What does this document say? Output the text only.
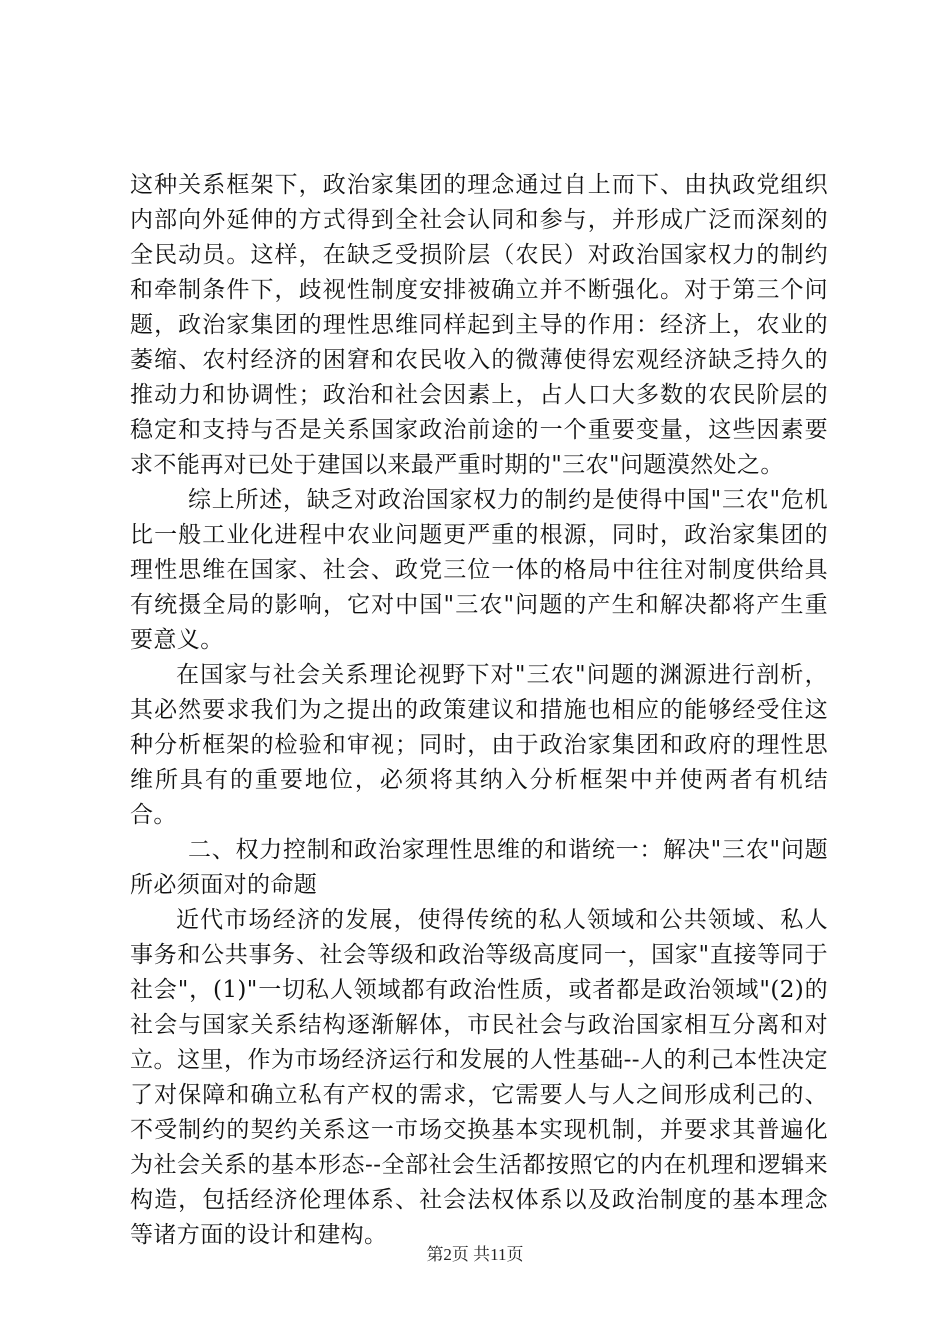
这种关系框架下，政治家集团的理念通过自上而下、由执政党组织内部向外延伸的方式得到全社会认同和参与，并形成广泛而深刻的全民动员。这样，在缺乏受损阶层（农民）对政治国家权力的制约和牵制条件下，歧视性制度安排被确立并不断强化。对于第三个问题，政治家集团的理性思维同样起到主导的作用：经济上，农业的萎缩、农村经济的困窘和农民收入的微薄使得宏观经济缺乏持久的推动力和协调性；政治和社会因素上，占人口大多数的农民阶层的稳定和支持与否是关系国家政治前途的一个重要变量，这些因素要求不能再对已处于建国以来最严重时期的"三农"问题漠然处之。

综上所述，缺乏对政治国家权力的制约是使得中国"三农"危机比一般工业化进程中农业问题更严重的根源，同时，政治家集团的理性思维在国家、社会、政党三位一体的格局中往往对制度供给具有统摄全局的影响，它对中国"三农"问题的产生和解决都将产生重要意义。

在国家与社会关系理论视野下对"三农"问题的渊源进行剖析，其必然要求我们为之提出的政策建议和措施也相应的能够经受住这种分析框架的检验和审视；同时，由于政治家集团和政府的理性思维所具有的重要地位，必须将其纳入分析框架中并使两者有机结合。

二、权力控制和政治家理性思维的和谐统一：解决"三农"问题所必须面对的命题

近代市场经济的发展，使得传统的私人领域和公共领域、私人事务和公共事务、社会等级和政治等级高度同一，国家"直接等同于社会"，(1)"一切私人领域都有政治性质，或者都是政治领域"(2)的社会与国家关系结构逐渐解体，市民社会与政治国家相互分离和对立。这里，作为市场经济运行和发展的人性基础--人的利己本性决定了对保障和确立私有产权的需求，它需要人与人之间形成利己的、不受制约的契约关系这一市场交换基本实现机制，并要求其普遍化为社会关系的基本形态--全部社会生活都按照它的内在机理和逻辑来构造，包括经济伦理体系、社会法权体系以及政治制度的基本理念等诸方面的设计和建构。

第2页 共11页
